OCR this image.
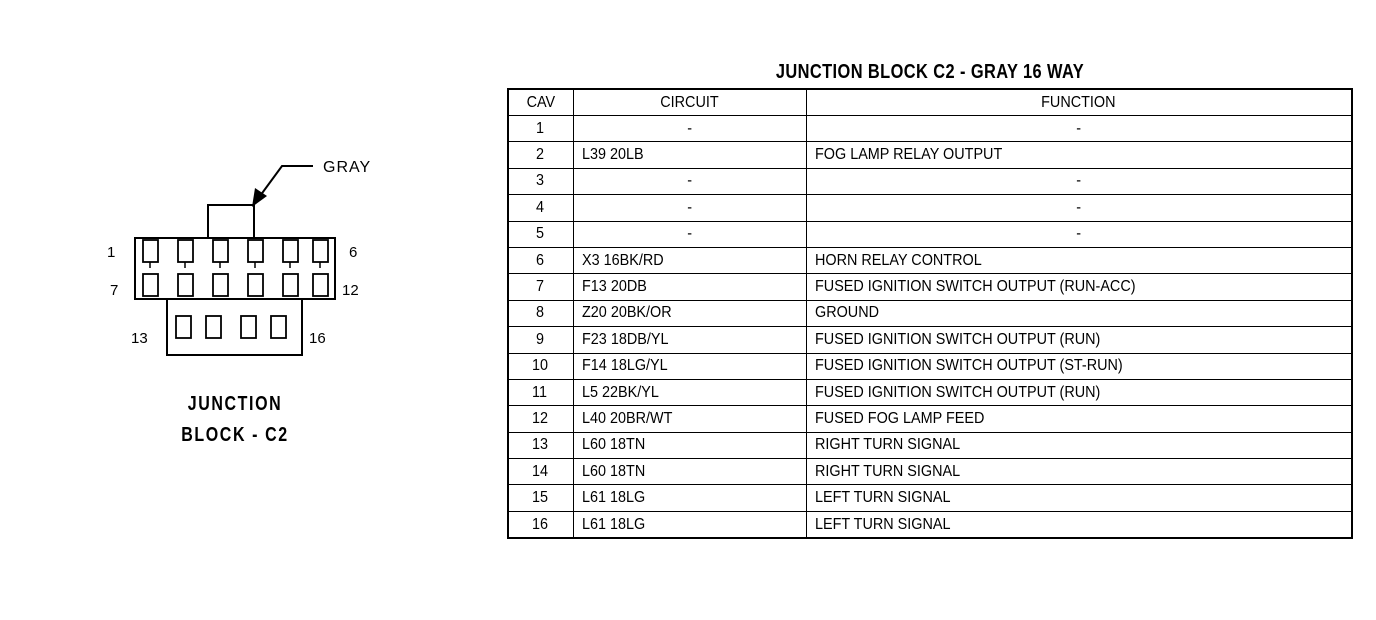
GRAY
1	6
7	12
13	16
JUNCTION
BLOCK - C2
JUNCTION BLOCK C2 - GRAY 16 WAY
CAV	CIRCUIT	FUNCTION
1	-	-
2	L39 20LB	FOG LAMP RELAY OUTPUT
3	-	-
4	-	-
5	-	-
6	X3 16BK/RD	HORN RELAY CONTROL
7	F13 20DB	FUSED IGNITION SWITCH OUTPUT (RUN-ACC)
8	Z20 20BK/OR	GROUND
9	F23 18DB/YL	FUSED IGNITION SWITCH OUTPUT (RUN)
10	F14 18LG/YL	FUSED IGNITION SWITCH OUTPUT (ST-RUN)
11	L5 22BK/YL	FUSED IGNITION SWITCH OUTPUT (RUN)
12	L40 20BR/WT	FUSED FOG LAMP FEED
13	L60 18TN	RIGHT TURN SIGNAL
14	L60 18TN	RIGHT TURN SIGNAL
15	L61 18LG	LEFT TURN SIGNAL
16	L61 18LG	LEFT TURN SIGNAL
